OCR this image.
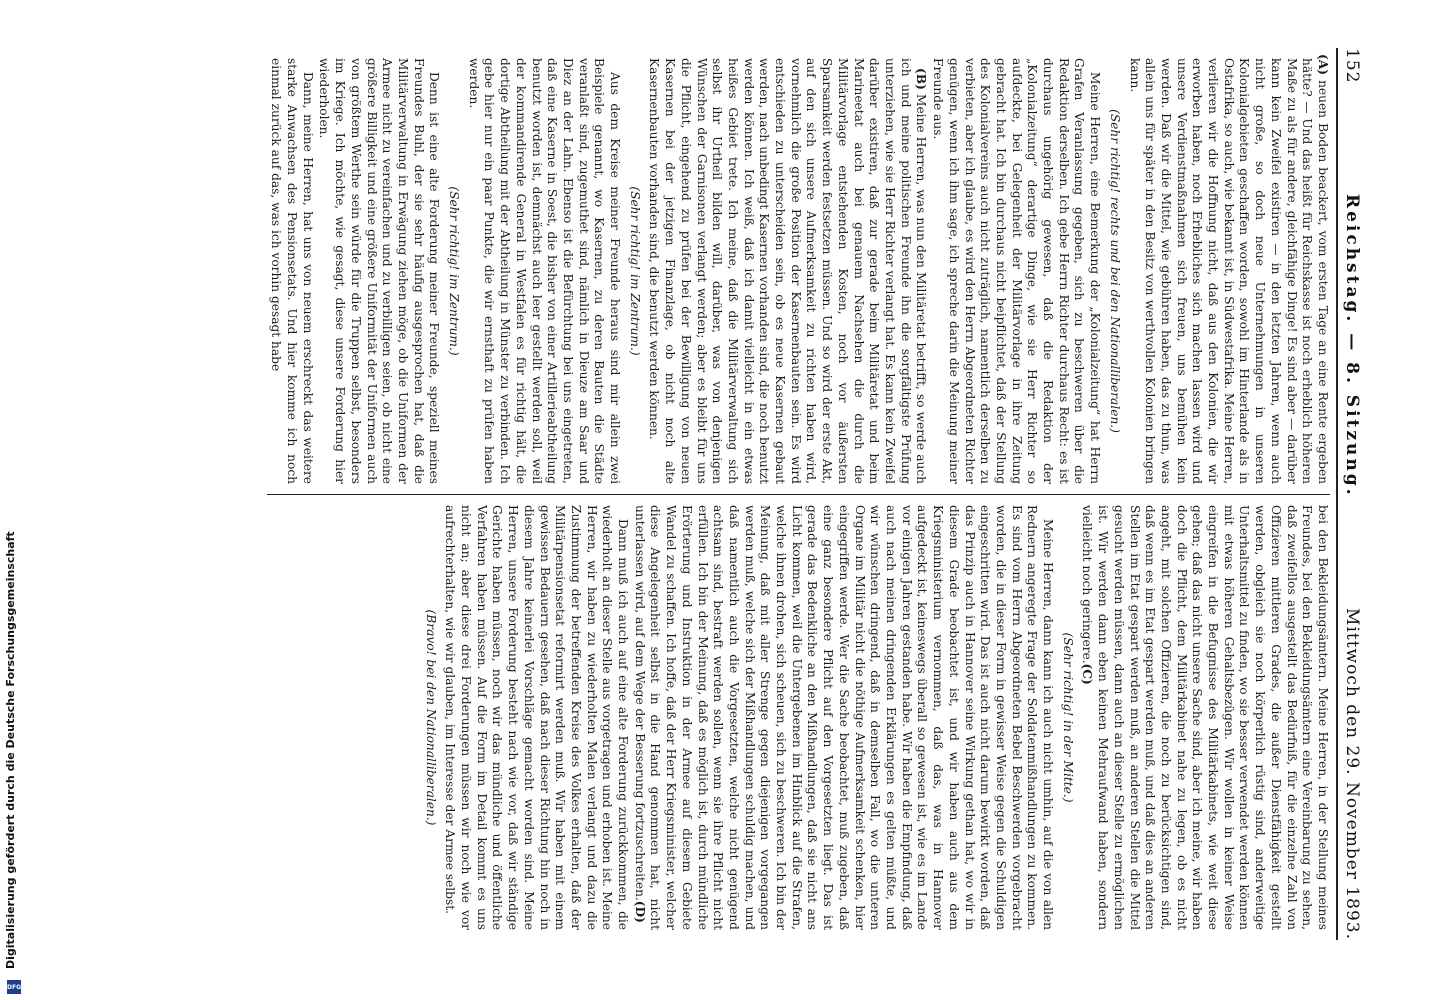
152
Reichstag. — 8. Sitzung.
Mittwoch den 29. November 1893.

(A) neuen Boden beackert, vom ersten Tage an eine Rente ergeben hätte? — Und das heißt für Reichskasse ist noch erheblich höheren Maße zu als für andere, gleichfähige Dinge! Es sind aber — darüber kann kein Zweifel existiren — in den letzten Jahren, wenn auch nicht große, so doch neue Unternehmungen in unseren Kolonialgebieten geschaffen worden, sowohl im Hinterlande als in Ostafrika, so auch, wie bekannt ist, in Südwestafrika. Meine Herren, verlieren wir die Hoffnung nicht, daß aus den Kolonien, die wir erworben haben, noch Erhebliches sich machen lassen wird und unsere Verdienstmaßnahmen sich freuen, uns bemühen kein werden. Daß wir die Mittel, wie gebühren haben, das zu thun, was allein uns für später in den Besitz von werthvollen Kolonien bringen kann.

(Sehr richtig! rechts und bei den Nationalliberalen.)

Meine Herren, eine Bemerkung der „Kolonialzeitung“ hat Herrn Grafen Veranlassung gegeben, sich zu beschweren über die Redaktion derselben. Ich gebe Herrn Richter durchaus Recht: es ist durchaus ungehörig gewesen, daß die Redaktion der „Kolonialzeitung“ derartige Dinge, wie sie Herr Richter so aufdeckte, bei Gelegenheit der Militärvorlage in ihre Zeitung gebracht hat. Ich bin durchaus nicht beipflichtet, daß der Stellung des Kolonialvereins auch nicht zuträglich, namentlich derselben zu verbieten, aber ich glaube, es wird den Herrn Abgeordneten Richter genügen, wenn ich ihm sage, ich spreche darin die Meinung meiner Freunde aus.

(B) Meine Herren, was nun den Militäretat betrifft, so werde auch ich und meine politischen Freunde ihn die sorgfältigste Prüfung unterziehen, wie sie Herr Richter verlangt hat. Es kann kein Zweifel darüber existiren, daß zur gerade beim Militäretat und beim Marineetat auch bei genauem Nachsehen die durch die Militärvorlage entstehenden Kosten, noch vor äußersten Sparsamkeit werden festsetzen müssen. Und so wird der erste Akt, auf den sich unsere Aufmerksamkeit zu richten haben wird, vornehmlich die große Position der Kasernenbauten sein. Es wird entschieden zu unterscheiden sein, ob es neue Kasernen gebaut werden, nach unbedingt Kasernen vorhanden sind, die noch benutzt werden können. Ich weiß, daß ich damit vielleicht in ein etwas heißes Gebiet trete. Ich meine, daß die Militärverwaltung sich selbst ihr Urtheil bilden will, darüber, was von denjenigen Wünschen der Garnisonen verlangt werden; aber es bleibt für uns die Pflicht, eingehend zu prüfen bei der Bewilligung von neuen Kasernen bei der jetzigen Finanzlage, ob nicht noch alte Kasernenbauten vorhanden sind, die benutzt werden können.

(Sehr richtig! im Zentrum.)

Aus dem Kreise meiner Freunde heraus sind mir allein zwei Beispiele genannt, wo Kasernen, zu deren Bauten die Städte veranlaßt sind, zugemuthet sind, nämlich in Dieuze am Saar und Diez an der Lahn. Ebenso ist die Befürchtung bei uns eingetreten, daß eine Kaserne in Soest, die bisher von einer Artillerieabtheilung benutzt worden ist, demnächst auch leer gestellt werden soll, weil der kommandirende General in Westfalen es für richtig hält, die dortige Abtheilung mit der Abtheilung in Münster zu verbinden. Ich gebe hier nur ein paar Punkte, die wir ernsthaft zu prüfen haben werden.

(Sehr richtig! im Zentrum.)

Denn ist eine alte Forderung meiner Freunde, speziell meines Freundes Buhl, der sie sehr häufig ausgesprochen hat, daß die Militärverwaltung in Erwägung ziehen möge, ob die Uniformen der Armee nicht zu vereinfachen und zu verbilligen seien, ob nicht eine größere Billigkeit und eine größere Uniformität der Uniformen auch von größtem Werthe sein würde für die Truppen selbst, besonders im Kriege. Ich möchte, wie gesagt, diese unsere Forderung hier wiederholen.

Dann, meine Herren, hat uns von neuem erschreckt das weitere starke Anwachsen des Pensionsetats. Und hier komme ich noch einmal zurück auf das, was ich vorhin gesagt habe

bei den Bekleidungsämtern. Meine Herren, in der Stellung meines Freundes, bei den Bekleidungsämtern eine Vereinbarung zu sehen, daß zweifellos ausgestellt das Bedürfniß, für die einzelne Zahl von Offizieren mittleren Grades, die außer Dienstfähigkeit gestellt werden, obgleich sie noch körperlich rüstig sind, anderweitige Unterhaltsmittel zu finden, wo sie besser verwendet werden können mit etwas höheren Gehaltsbezügen. Wir wollen in keiner Weise eingreifen in die Befugnisse des Militärkabinets, wie weit diese gehen; daß das nicht unsere Sache sind, aber ich meine, wir haben doch die Pflicht, dem Militärkabinet nahe zu legen, ob es nicht angeht, mit solchen Offizieren, die noch zu berücksichtigen sind, daß wenn es im Etat gespart werden muß, und daß dies an anderen Stellen im Etat gespart werden muß, an anderen Stellen die Mittel gesucht werden müssen, dann auch an dieser Stelle zu ermöglichen ist. Wir werden dann eben keinen Mehraufwand haben, sondern vielleicht noch geringere. (C)

(Sehr richtig! in der Mitte.)

Meine Herren, dann kann ich auch nicht umhin, auf die von allen Rednern angeregte Frage der Soldatenmißhandlungen zu kommen. Es sind vom Herrn Abgeordneten Bebel Beschwerden vorgebracht worden, die in dieser Form in gewisser Weise gegen die Schuldigen eingeschritten wird. Das ist auch nicht darum bewirkt worden, daß das Prinzip auch in Hannover seine Wirkung gethan hat, wo wir in diesem Grade beobachtet ist, und wir haben auch aus dem Kriegsministerium vernommen, daß das, was in Hannover aufgedeckt ist, keineswegs überall so gewesen ist, wie es im Lande vor einigen Jahren gestanden habe. Wir haben die Empfindung, daß auch nach meinen dringenden Erklärungen es gelten müßte, und wir wünschen dringend, daß in demselben Fall, wo die unteren Organe im Militär nicht die nöthige Aufmerksamkeit schenken, hier eingegriffen werde. Wer die Sache beobachtet, muß zugeben, daß eine ganz besondere Pflicht auf den Vorgesetzten liegt. Das ist gerade das Bedenkliche an den Mißhandlungen, daß sie nicht ans Licht kommen, weil die Untergebenen im Hinblick auf die Strafen, welche ihnen drohen, sich scheuen, sich zu beschweren. Ich bin der Meinung, daß mit aller Strenge gegen diejenigen vorgegangen werden muß, welche sich der Mißhandlungen schuldig machen, und daß namentlich auch die Vorgesetzten, welche nicht genügend achtsam sind, bestraft werden sollen, wenn sie ihre Pflicht nicht erfüllen. Ich bin der Meinung, daß es möglich ist, durch mündliche Erörterung und Instruktion in der Armee auf diesem Gebiete Wandel zu schaffen. Ich hoffe, daß der Herr Kriegsminister, welcher diese Angelegenheit selbst in die Hand genommen hat, nicht unterlassen wird, auf dem Wege der Besserung fortzuschreiten. (D)

Dann muß ich auch auf eine alte Forderung zurückkommen, die wiederholt an dieser Stelle aus vorgetragen und erhoben ist. Meine Herren, wir haben zu wiederholten Malen verlangt und dazu die Zustimmung der betreffenden Kreise des Volkes erhalten, daß der Militärpensionsetat reformirt werden muß. Wir haben mit einem gewissen Bedauern gesehen, daß nach dieser Richtung hin noch in diesem Jahre keinerlei Vorschläge gemacht worden sind. Meine Herren, unsere Forderung besteht nach wie vor, daß wir ständige Gerichte haben müssen, noch wir das mündliche und öffentliche Verfahren haben müssen. Auf die Form im Detail kommt es uns nicht an; aber diese drei Forderungen müssen wir noch wie vor aufrechterhalten, wie wir glauben, im Interesse der Armee selbst.

(Bravo! bei den Nationalliberalen.)

Digitalisierung gefördert durch die Deutsche Forschungsgemeinschaft
DFG
